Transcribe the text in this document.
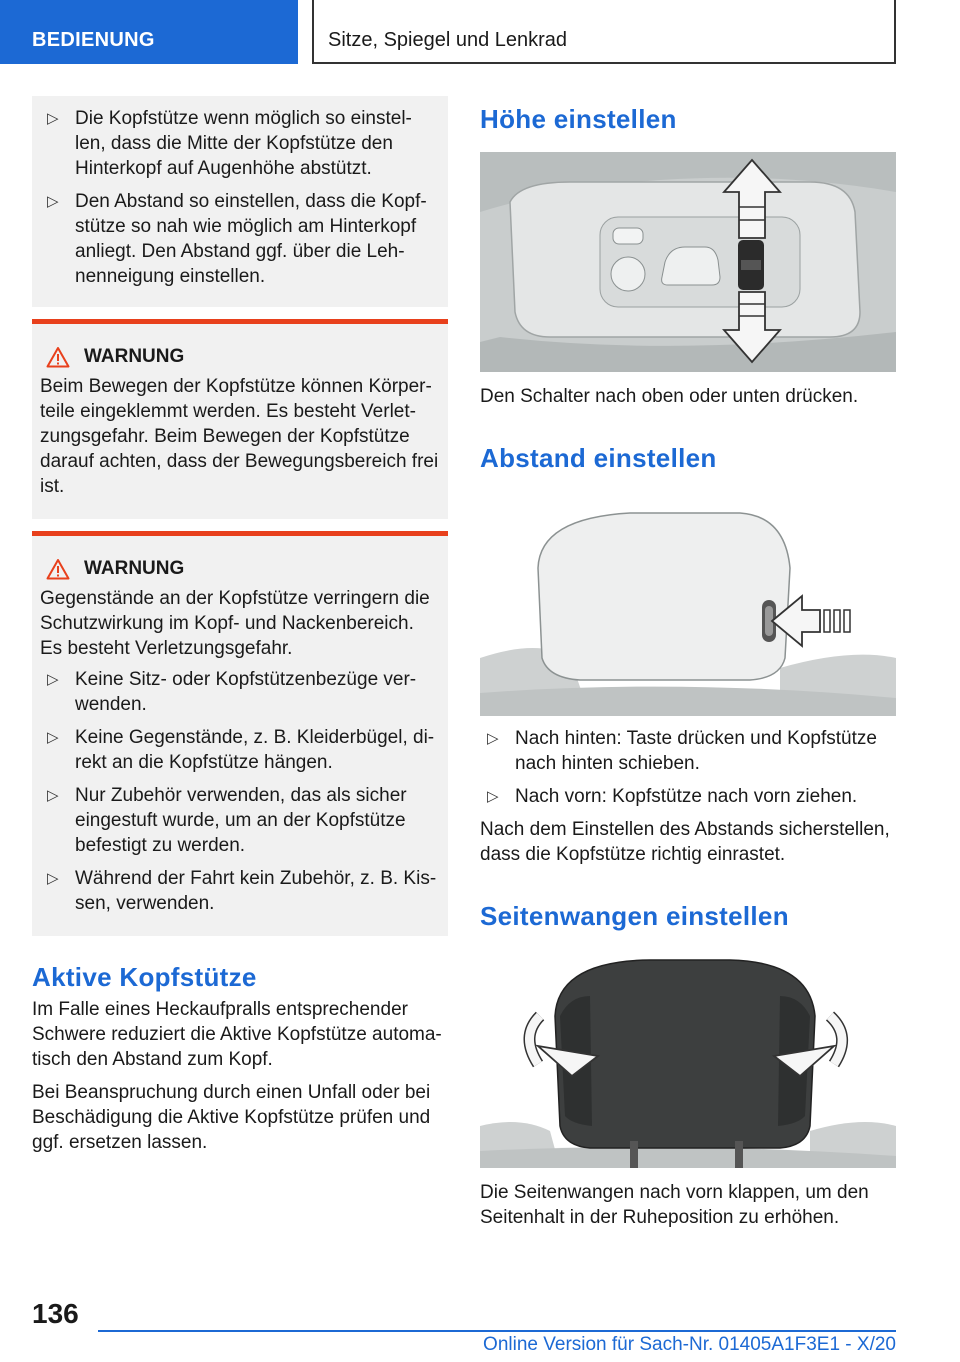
BEDIENUNG	Sitze, Spiegel und Lenkrad
▷ Die Kopfstütze wenn möglich so einstel-len, dass die Mitte der Kopfstütze den Hinterkopf auf Augenhöhe abstützt.
▷ Den Abstand so einstellen, dass die Kopf-stütze so nah wie möglich am Hinterkopf anliegt. Den Abstand ggf. über die Leh-nenneigung einstellen.
WARNUNG

Beim Bewegen der Kopfstütze können Körper-teile eingeklemmt werden. Es besteht Verlet-zungsgefahr. Beim Bewegen der Kopfstütze darauf achten, dass der Bewegungsbereich frei ist.

WARNUNG

Gegenstände an der Kopfstütze verringern die Schutzwirkung im Kopf- und Nackenbereich. Es besteht Verletzungsgefahr.

▷ Keine Sitz- oder Kopfstützenbezüge ver-wenden.
▷ Keine Gegenstände, z. B. Kleiderbügel, di-rekt an die Kopfstütze hängen.
▷ Nur Zubehör verwenden, das als sicher eingestuft wurde, um an der Kopfstütze befestigt zu werden.
▷ Während der Fahrt kein Zubehör, z. B. Kis-sen, verwenden.
Aktive Kopfstütze

Im Falle eines Heckaufpralls entsprechender Schwere reduziert die Aktive Kopfstütze automa-tisch den Abstand zum Kopf.

Bei Beanspruchung durch einen Unfall oder bei Beschädigung die Aktive Kopfstütze prüfen und ggf. ersetzen lassen.

Höhe einstellen

Den Schalter nach oben oder unten drücken.

Abstand einstellen
▷ Nach hinten: Taste drücken und Kopfstütze nach hinten schieben.
▷ Nach vorn: Kopfstütze nach vorn ziehen.

Nach dem Einstellen des Abstands sicherstellen, dass die Kopfstütze richtig einrastet.

Seitenwangen einstellen

Die Seitenwangen nach vorn klappen, um den Seitenhalt in der Ruheposition zu erhöhen.

136
Online Version für Sach-Nr. 01405A1F3E1 - X/20
